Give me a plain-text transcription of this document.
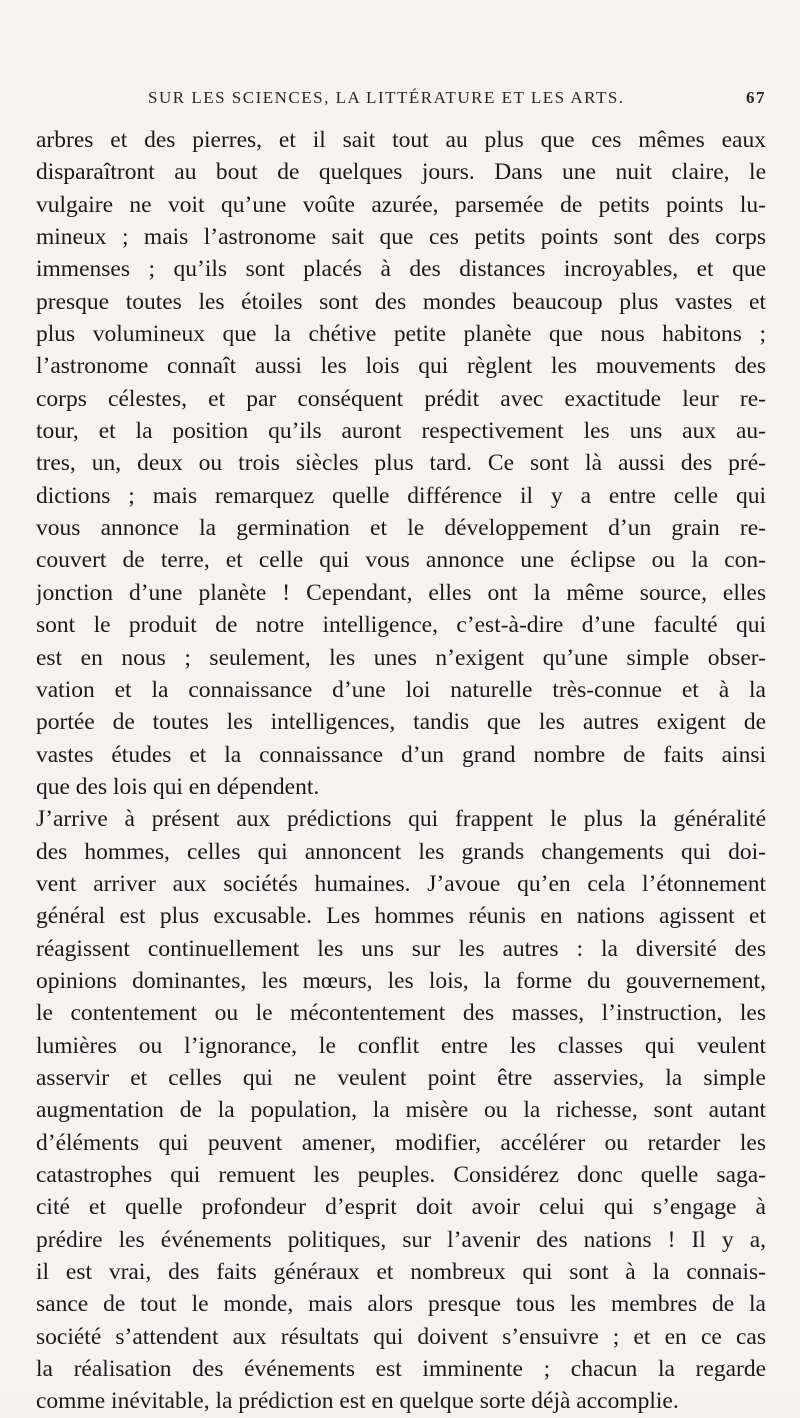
SUR LES SCIENCES, LA LITTÉRATURE ET LES ARTS.	67
arbres et des pierres, et il sait tout au plus que ces mêmes eaux
disparaîtront au bout de quelques jours. Dans une nuit claire, le
vulgaire ne voit qu’une voûte azurée, parsemée de petits points lu-
mineux ; mais l’astronome sait que ces petits points sont des corps
immenses ; qu’ils sont placés à des distances incroyables, et que
presque toutes les étoiles sont des mondes beaucoup plus vastes et
plus volumineux que la chétive petite planète que nous habitons ;
l’astronome connaît aussi les lois qui règlent les mouvements des
corps célestes, et par conséquent prédit avec exactitude leur re-
tour, et la position qu’ils auront respectivement les uns aux au-
tres, un, deux ou trois siècles plus tard. Ce sont là aussi des pré-
dictions ; mais remarquez quelle différence il y a entre celle qui
vous annonce la germination et le développement d’un grain re-
couvert de terre, et celle qui vous annonce une éclipse ou la con-
jonction d’une planète ! Cependant, elles ont la même source, elles
sont le produit de notre intelligence, c’est-à-dire d’une faculté qui
est en nous ; seulement, les unes n’exigent qu’une simple obser-
vation et la connaissance d’une loi naturelle très-connue et à la
portée de toutes les intelligences, tandis que les autres exigent de
vastes études et la connaissance d’un grand nombre de faits ainsi
que des lois qui en dépendent.
J’arrive à présent aux prédictions qui frappent le plus la généralité
des hommes, celles qui annoncent les grands changements qui doi-
vent arriver aux sociétés humaines. J’avoue qu’en cela l’étonnement
général est plus excusable. Les hommes réunis en nations agissent et
réagissent continuellement les uns sur les autres : la diversité des
opinions dominantes, les mœurs, les lois, la forme du gouvernement,
le contentement ou le mécontentement des masses, l’instruction, les
lumières ou l’ignorance, le conflit entre les classes qui veulent
asservir et celles qui ne veulent point être asservies, la simple
augmentation de la population, la misère ou la richesse, sont autant
d’éléments qui peuvent amener, modifier, accélérer ou retarder les
catastrophes qui remuent les peuples. Considérez donc quelle saga-
cité et quelle profondeur d’esprit doit avoir celui qui s’engage à
prédire les événements politiques, sur l’avenir des nations ! Il y a,
il est vrai, des faits généraux et nombreux qui sont à la connais-
sance de tout le monde, mais alors presque tous les membres de la
société s’attendent aux résultats qui doivent s’ensuivre ; et en ce cas
la réalisation des événements est imminente ; chacun la regarde
comme inévitable, la prédiction est en quelque sorte déjà accomplie.
